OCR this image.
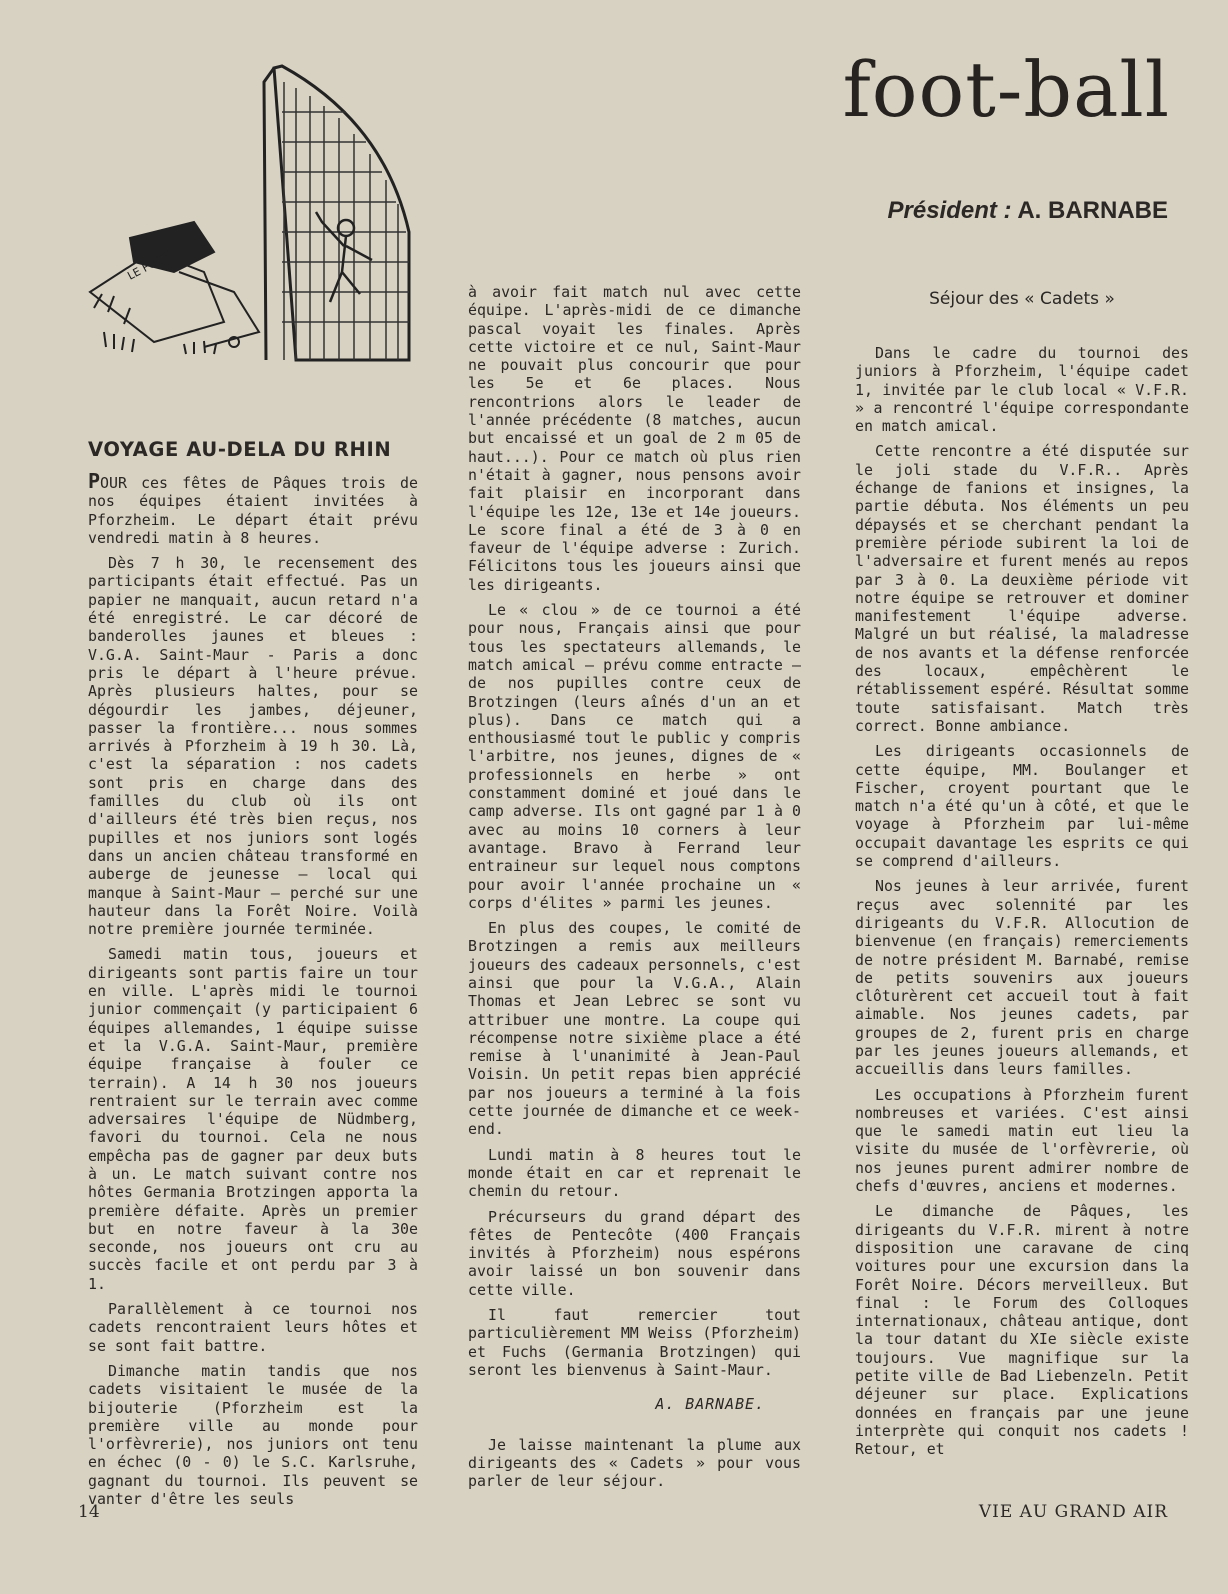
foot-ball
Président : A. BARNABE
LE FOOT
VOYAGE AU-DELA DU RHIN

POUR ces fêtes de Pâques trois de nos équipes étaient invitées à Pforzheim. Le départ était prévu vendredi matin à 8 heures.

Dès 7 h 30, le recensement des participants était effectué. Pas un papier ne manquait, aucun retard n'a été enregistré. Le car décoré de banderolles jaunes et bleues : V.G.A. Saint-Maur - Paris a donc pris le départ à l'heure prévue. Après plusieurs haltes, pour se dégourdir les jambes, déjeuner, passer la frontière... nous sommes arrivés à Pforzheim à 19 h 30. Là, c'est la séparation : nos cadets sont pris en charge dans des familles du club où ils ont d'ailleurs été très bien reçus, nos pupilles et nos juniors sont logés dans un ancien château transformé en auberge de jeunesse — local qui manque à Saint-Maur — perché sur une hauteur dans la Forêt Noire. Voilà notre première journée terminée.

Samedi matin tous, joueurs et dirigeants sont partis faire un tour en ville. L'après midi le tournoi junior commençait (y participaient 6 équipes allemandes, 1 équipe suisse et la V.G.A. Saint-Maur, première équipe française à fouler ce terrain). A 14 h 30 nos joueurs rentraient sur le terrain avec comme adversaires l'équipe de Nüdmberg, favori du tournoi. Cela ne nous empêcha pas de gagner par deux buts à un. Le match suivant contre nos hôtes Germania Brotzingen apporta la première défaite. Après un premier but en notre faveur à la 30e seconde, nos joueurs ont cru au succès facile et ont perdu par 3 à 1.

Parallèlement à ce tournoi nos cadets rencontraient leurs hôtes et se sont fait battre.

Dimanche matin tandis que nos cadets visitaient le musée de la bijouterie (Pforzheim est la première ville au monde pour l'orfèvrerie), nos juniors ont tenu en échec (0 - 0) le S.C. Karlsruhe, gagnant du tournoi. Ils peuvent se vanter d'être les seuls

à avoir fait match nul avec cette équipe. L'après-midi de ce dimanche pascal voyait les finales. Après cette victoire et ce nul, Saint-Maur ne pouvait plus concourir que pour les 5e et 6e places. Nous rencontrions alors le leader de l'année précédente (8 matches, aucun but encaissé et un goal de 2 m 05 de haut...). Pour ce match où plus rien n'était à gagner, nous pensons avoir fait plaisir en incorporant dans l'équipe les 12e, 13e et 14e joueurs. Le score final a été de 3 à 0 en faveur de l'équipe adverse : Zurich. Félicitons tous les joueurs ainsi que les dirigeants.

Le « clou » de ce tournoi a été pour nous, Français ainsi que pour tous les spectateurs allemands, le match amical — prévu comme entracte — de nos pupilles contre ceux de Brotzingen (leurs aînés d'un an et plus). Dans ce match qui a enthousiasmé tout le public y compris l'arbitre, nos jeunes, dignes de « professionnels en herbe » ont constamment dominé et joué dans le camp adverse. Ils ont gagné par 1 à 0 avec au moins 10 corners à leur avantage. Bravo à Ferrand leur entraineur sur lequel nous comptons pour avoir l'année prochaine un « corps d'élites » parmi les jeunes.

En plus des coupes, le comité de Brotzingen a remis aux meilleurs joueurs des cadeaux personnels, c'est ainsi que pour la V.G.A., Alain Thomas et Jean Lebrec se sont vu attribuer une montre. La coupe qui récompense notre sixième place a été remise à l'unanimité à Jean-Paul Voisin. Un petit repas bien apprécié par nos joueurs a terminé à la fois cette journée de dimanche et ce week-end.

Lundi matin à 8 heures tout le monde était en car et reprenait le chemin du retour.

Précurseurs du grand départ des fêtes de Pentecôte (400 Français invités à Pforzheim) nous espérons avoir laissé un bon souvenir dans cette ville.

Il faut remercier tout particulièrement MM Weiss (Pforzheim) et Fuchs (Germania Brotzingen) qui seront les bienvenus à Saint-Maur.

A. BARNABE.

Je laisse maintenant la plume aux dirigeants des « Cadets » pour vous parler de leur séjour.

Séjour des « Cadets »

Dans le cadre du tournoi des juniors à Pforzheim, l'équipe cadet 1, invitée par le club local « V.F.R. » a rencontré l'équipe correspondante en match amical.

Cette rencontre a été disputée sur le joli stade du V.F.R.. Après échange de fanions et insignes, la partie débuta. Nos éléments un peu dépaysés et se cherchant pendant la première période subirent la loi de l'adversaire et furent menés au repos par 3 à 0. La deuxième période vit notre équipe se retrouver et dominer manifestement l'équipe adverse. Malgré un but réalisé, la maladresse de nos avants et la défense renforcée des locaux, empêchèrent le rétablissement espéré. Résultat somme toute satisfaisant. Match très correct. Bonne ambiance.

Les dirigeants occasionnels de cette équipe, MM. Boulanger et Fischer, croyent pourtant que le match n'a été qu'un à côté, et que le voyage à Pforzheim par lui-même occupait davantage les esprits ce qui se comprend d'ailleurs.

Nos jeunes à leur arrivée, furent reçus avec solennité par les dirigeants du V.F.R. Allocution de bienvenue (en français) remerciements de notre président M. Barnabé, remise de petits souvenirs aux joueurs clôturèrent cet accueil tout à fait aimable. Nos jeunes cadets, par groupes de 2, furent pris en charge par les jeunes joueurs allemands, et accueillis dans leurs familles.

Les occupations à Pforzheim furent nombreuses et variées. C'est ainsi que le samedi matin eut lieu la visite du musée de l'orfèvrerie, où nos jeunes purent admirer nombre de chefs d'œuvres, anciens et modernes.

Le dimanche de Pâques, les dirigeants du V.F.R. mirent à notre disposition une caravane de cinq voitures pour une excursion dans la Forêt Noire. Décors merveilleux. But final : le Forum des Colloques internationaux, château antique, dont la tour datant du XIe siècle existe toujours. Vue magnifique sur la petite ville de Bad Liebenzeln. Petit déjeuner sur place. Explications données en français par une jeune interprète qui conquit nos cadets ! Retour, et

14	VIE AU GRAND AIR
